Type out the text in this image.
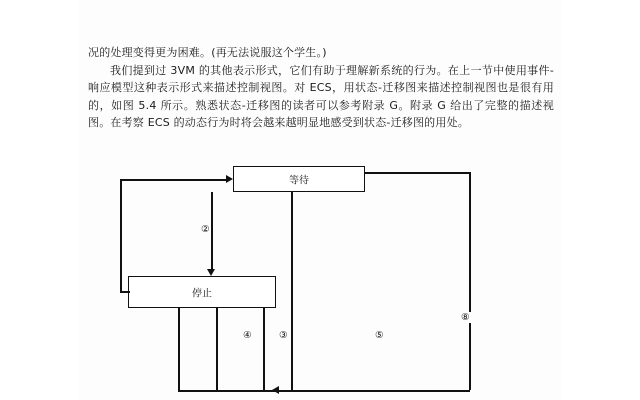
况的处理变得更为困难。(再无法说服这个学生。)

我们提到过 3VM 的其他表示形式，它们有助于理解新系统的行为。在上一节中使用事件-响应模型这种表示形式来描述控制视图。对 ECS，用状态-迁移图来描述控制视图也是很有用的，如图 5.4 所示。熟悉状态-迁移图的读者可以参考附录 G。附录 G 给出了完整的描述视图。在考察 ECS 的动态行为时将会越来越明显地感受到状态-迁移图的用处。

等待
停止
②
③
④	⑤
⑧
